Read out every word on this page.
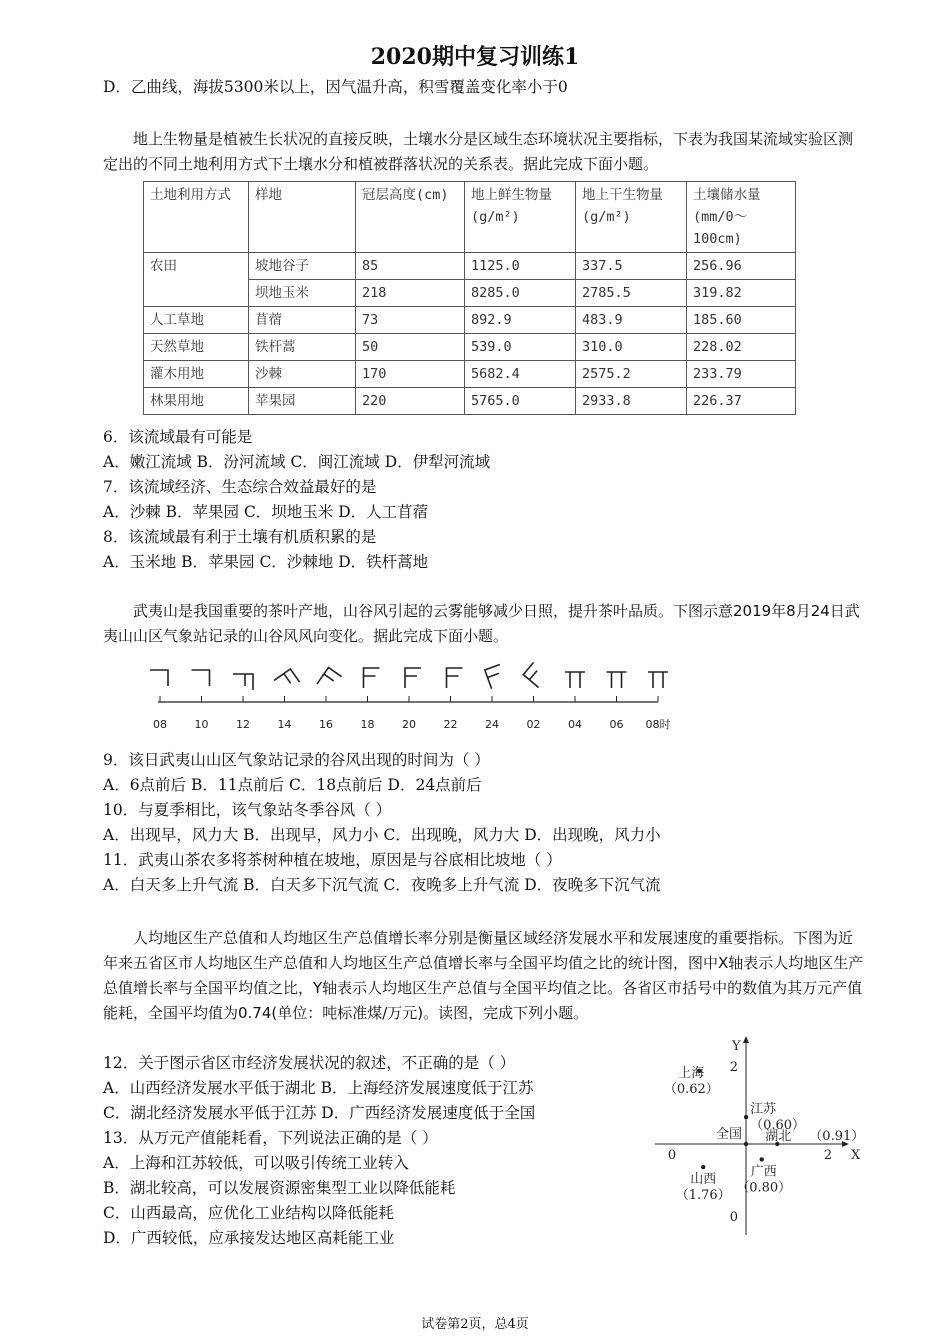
2020期中复习训练1
D．乙曲线，海拔5300米以上，因气温升高，积雪覆盖变化率小于0
地上生物量是植被生长状况的直接反映，土壤水分是区域生态环境状况主要指标，下表为我国某流域实验区测定出的不同土地利用方式下土壤水分和植被群落状况的关系表。据此完成下面小题。
土地利用方式	样地	冠层高度(cm)	地上鲜生物量(g/m²)	地上干生物量(g/m²)	土壤储水量(mm/0～100cm)
农田	坡地谷子	85	1125.0	337.5	256.96
	坝地玉米	218	8285.0	2785.5	319.82
人工草地	苜蓿	73	892.9	483.9	185.60
天然草地	铁杆蒿	50	539.0	310.0	228.02
灌木用地	沙棘	170	5682.4	2575.2	233.79
林果用地	苹果园	220	5765.0	2933.8	226.37
6．该流域最有可能是
A．嫩江流域 B．汾河流域 C．闽江流域 D．伊犁河流域
7．该流域经济、生态综合效益最好的是
A．沙棘 B．苹果园 C．坝地玉米 D．人工苜蓿
8．该流域最有利于土壤有机质积累的是
A．玉米地 B．苹果园 C．沙棘地 D．铁杆蒿地
武夷山是我国重要的茶叶产地，山谷风引起的云雾能够减少日照，提升茶叶品质。下图示意2019年8月24日武夷山山区气象站记录的山谷风风向变化。据此完成下面小题。
08	10	12	14	16	18	20	22	24	02	04	06 08时
9．该日武夷山山区气象站记录的谷风出现的时间为（ ）
A．6点前后 B．11点前后 C．18点前后 D．24点前后
10．与夏季相比，该气象站冬季谷风（ ）
A．出现早，风力大 B．出现早，风力小 C．出现晚，风力大 D．出现晚，风力小
11．武夷山茶农多将茶树种植在坡地，原因是与谷底相比坡地（ ）
A．白天多上升气流 B．白天多下沉气流 C．夜晚多上升气流 D．夜晚多下沉气流
人均地区生产总值和人均地区生产总值增长率分别是衡量区域经济发展水平和发展速度的重要指标。下图为近年来五省区市人均地区生产总值和人均地区生产总值增长率与全国平均值之比的统计图，图中X轴表示人均地区生产总值增长率与全国平均值之比，Y轴表示人均地区生产总值与全国平均值之比。各省区市括号中的数值为其万元产值能耗，全国平均值为0.74(单位：吨标准煤/万元)。读图，完成下列小题。
12．关于图示省区市经济发展状况的叙述，不正确的是（ ）
A．山西经济发展水平低于湖北 B．上海经济发展速度低于江苏
C．湖北经济发展水平低于江苏 D．广西经济发展速度低于全国
13．从万元产值能耗看，下列说法正确的是（ ）
A．上海和江苏较低，可以吸引传统工业转入
B．湖北较高，可以发展资源密集型工业以降低能耗
C．山西最高，应优化工业结构以降低能耗
D．广西较低，应承接发达地区高耗能工业
X
Y
0	2
0
2
上海
（0.62）
江苏
（0.60）
湖北 （0.91）
全国
山西
（1.76）
广西
（0.80）
试卷第2页，总4页
